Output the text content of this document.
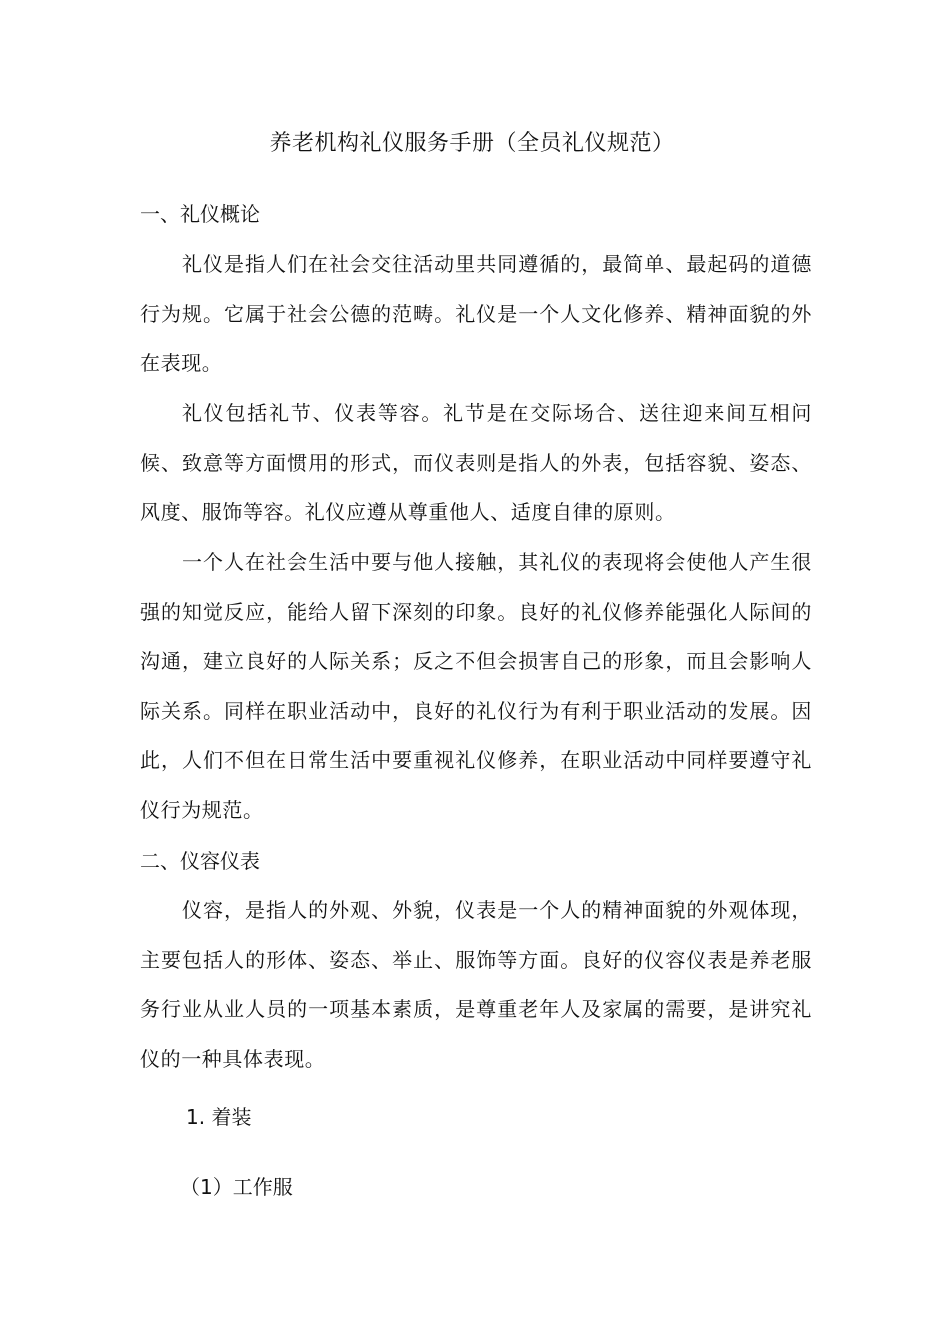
养老机构礼仪服务手册（全员礼仪规范）
一、礼仪概论

礼仪是指人们在社会交往活动里共同遵循的，最简单、最起码的道德行为规。它属于社会公德的范畴。礼仪是一个人文化修养、精神面貌的外在表现。

礼仪包括礼节、仪表等容。礼节是在交际场合、送往迎来间互相问候、致意等方面惯用的形式，而仪表则是指人的外表，包括容貌、姿态、风度、服饰等容。礼仪应遵从尊重他人、适度自律的原则。

一个人在社会生活中要与他人接触，其礼仪的表现将会使他人产生很强的知觉反应，能给人留下深刻的印象。良好的礼仪修养能强化人际间的沟通，建立良好的人际关系；反之不但会损害自己的形象，而且会影响人际关系。同样在职业活动中，良好的礼仪行为有利于职业活动的发展。因此，人们不但在日常生活中要重视礼仪修养，在职业活动中同样要遵守礼仪行为规范。

二、仪容仪表

仪容，是指人的外观、外貌，仪表是一个人的精神面貌的外观体现，主要包括人的形体、姿态、举止、服饰等方面。良好的仪容仪表是养老服务行业从业人员的一项基本素质，是尊重老年人及家属的需要，是讲究礼仪的一种具体表现。

1. 着装
（1）工作服
